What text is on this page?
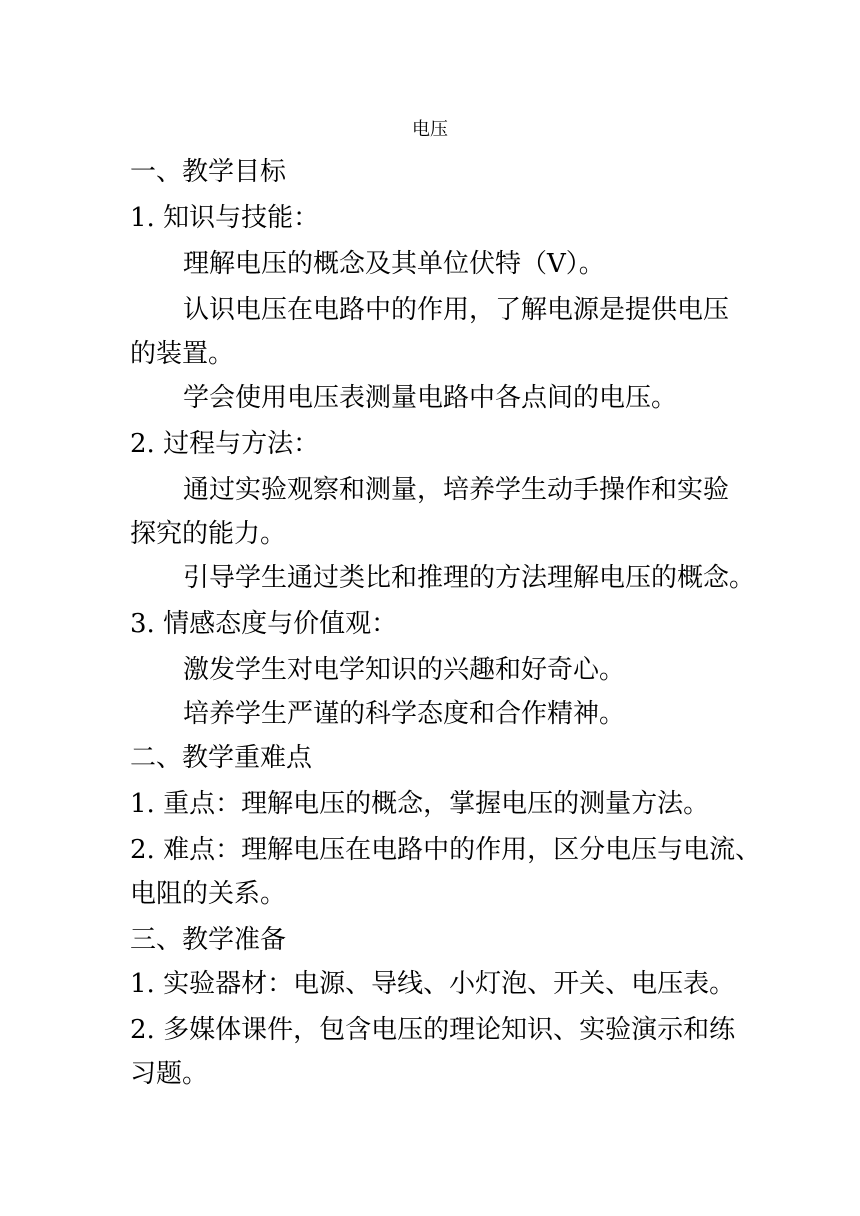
电压
一、教学目标
1. 知识与技能：
理解电压的概念及其单位伏特（V）。
认识电压在电路中的作用，了解电源是提供电压
的装置。
学会使用电压表测量电路中各点间的电压。
2. 过程与方法：
通过实验观察和测量，培养学生动手操作和实验
探究的能力。
引导学生通过类比和推理的方法理解电压的概念。
3. 情感态度与价值观：
激发学生对电学知识的兴趣和好奇心。
培养学生严谨的科学态度和合作精神。
二、教学重难点
1. 重点：理解电压的概念，掌握电压的测量方法。
2. 难点：理解电压在电路中的作用，区分电压与电流、
电阻的关系。
三、教学准备
1. 实验器材：电源、导线、小灯泡、开关、电压表。
2. 多媒体课件，包含电压的理论知识、实验演示和练
习题。
